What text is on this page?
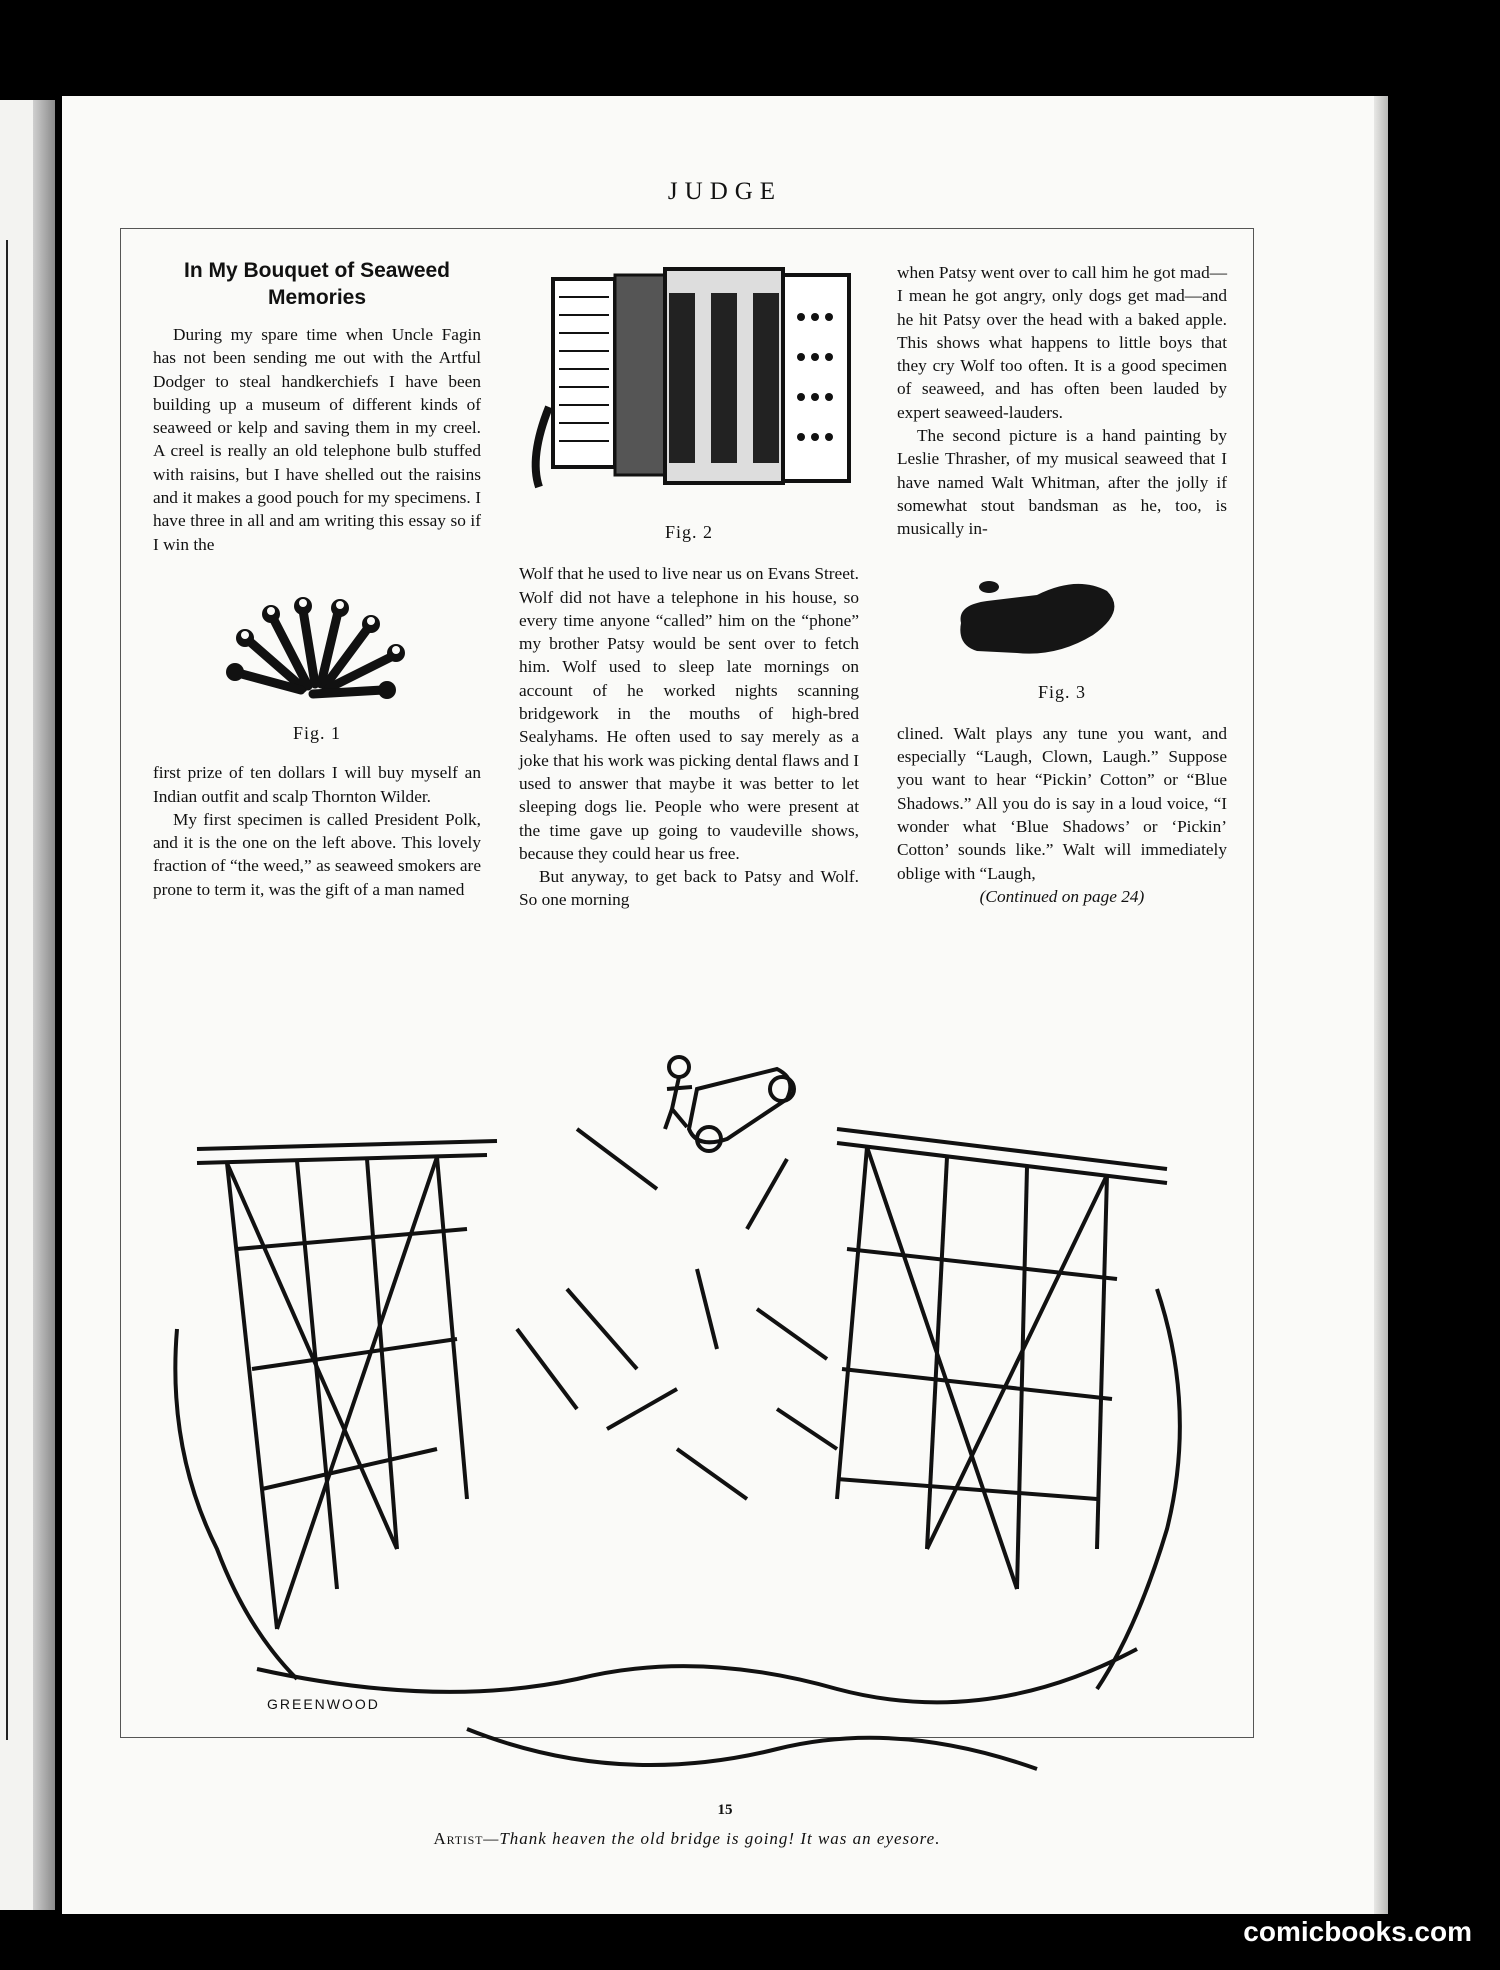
JUDGE
In My Bouquet of Seaweed Memories

During my spare time when Uncle Fagin has not been sending me out with the Artful Dodger to steal handkerchiefs I have been building up a museum of different kinds of seaweed or kelp and saving them in my creel. A creel is really an old telephone bulb stuffed with raisins, but I have shelled out the raisins and it makes a good pouch for my specimens. I have three in all and am writing this essay so if I win the

Fig. 1

first prize of ten dollars I will buy myself an Indian outfit and scalp Thornton Wilder.

My first specimen is called President Polk, and it is the one on the left above. This lovely fraction of “the weed,” as seaweed smokers are prone to term it, was the gift of a man named

Fig. 2

Wolf that he used to live near us on Evans Street. Wolf did not have a telephone in his house, so every time anyone “called” him on the “phone” my brother Patsy would be sent over to fetch him. Wolf used to sleep late mornings on account of he worked nights scanning bridgework in the mouths of high-bred Sealyhams. He often used to say merely as a joke that his work was picking dental flaws and I used to answer that maybe it was better to let sleeping dogs lie. People who were present at the time gave up going to vaudeville shows, because they could hear us free.

But anyway, to get back to Patsy and Wolf. So one morning

when Patsy went over to call him he got mad—I mean he got angry, only dogs get mad—and he hit Patsy over the head with a baked apple. This shows what happens to little boys that they cry Wolf too often. It is a good specimen of seaweed, and has often been lauded by expert seaweed-lauders.

The second picture is a hand painting by Leslie Thrasher, of my musical seaweed that I have named Walt Whitman, after the jolly if somewhat stout bandsman as he, too, is musically in-

Fig. 3

clined. Walt plays any tune you want, and especially “Laugh, Clown, Laugh.” Suppose you want to hear “Pickin’ Cotton” or “Blue Shadows.” All you do is say in a loud voice, “I wonder what ‘Blue Shadows’ or ‘Pickin’ Cotton’ sounds like.” Walt will immediately oblige with “Laugh,

(Continued on page 24)
GREENWOOD
Artist—Thank heaven the old bridge is going! It was an eyesore.
15
comicbooks.com
